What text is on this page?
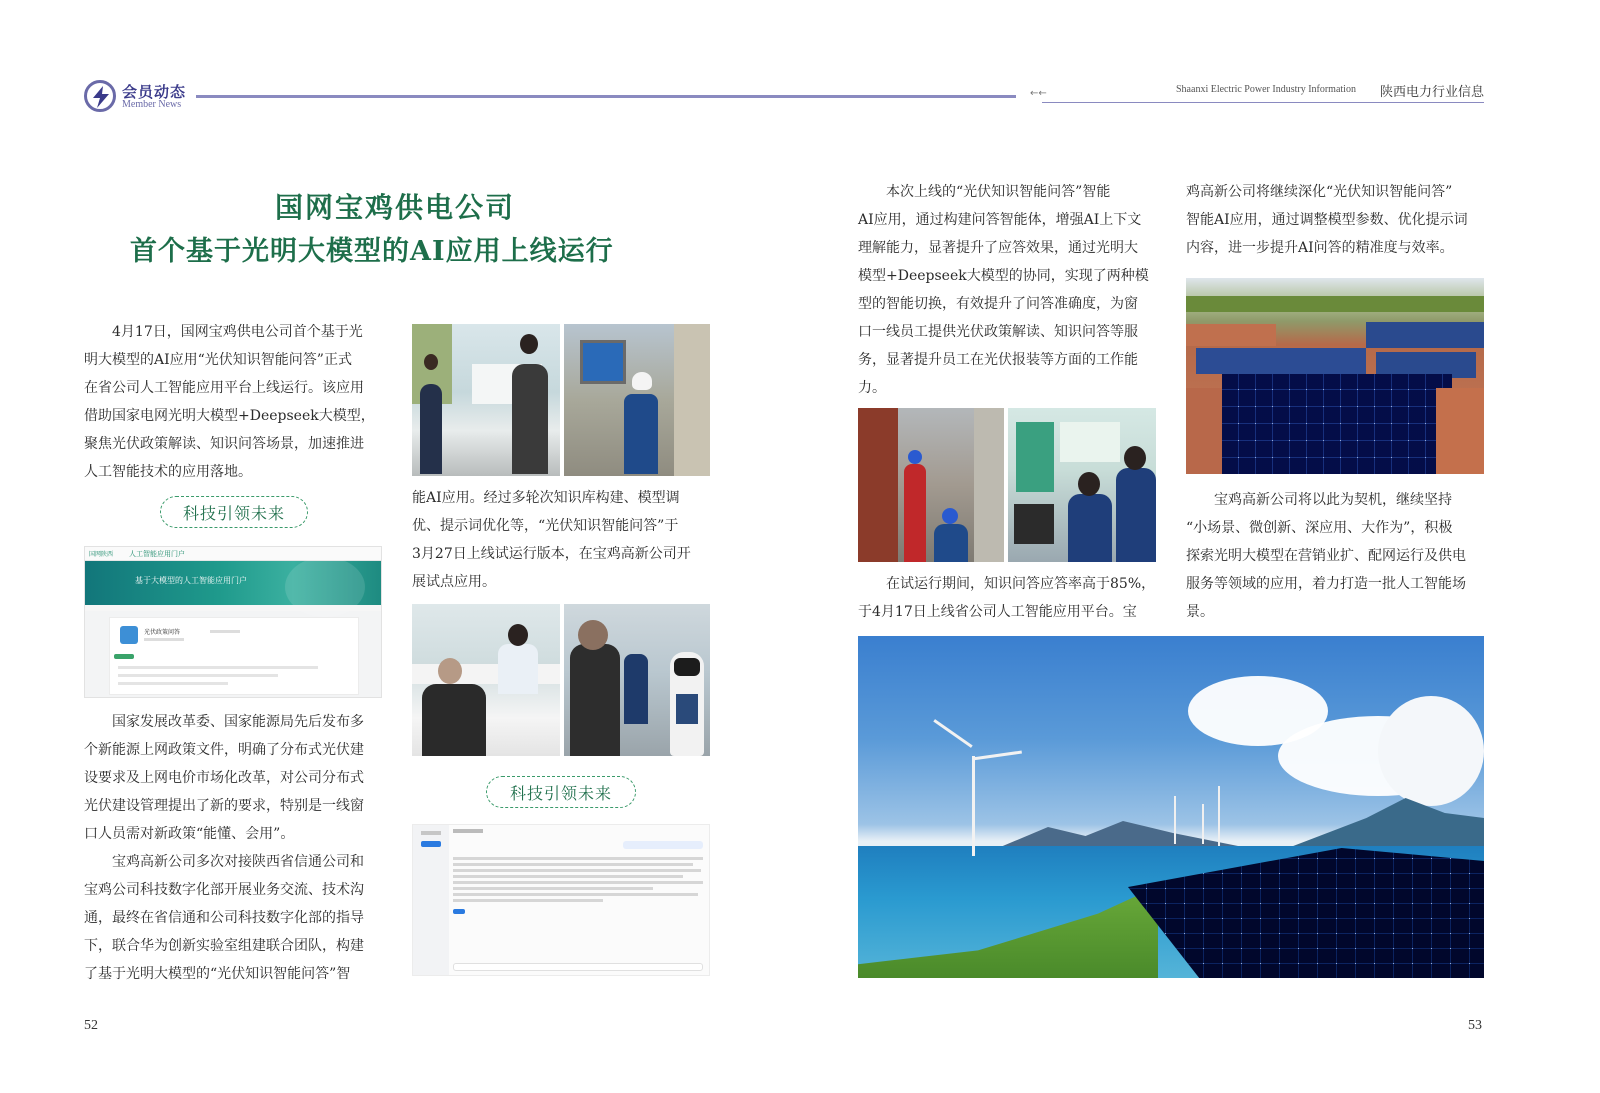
会员动态
Member News
←←	Shaanxi Electric Power Industry Information 陕西电力行业信息
国网宝鸡供电公司
首个基于光明大模型的AI应用上线运行
　　4月17日，国网宝鸡供电公司首个基于光
明大模型的AI应用“光伏知识智能问答”正式
在省公司人工智能应用平台上线运行。该应用
借助国家电网光明大模型+Deepseek大模型，
聚焦光伏政策解读、知识问答场景，加速推进
人工智能技术的应用落地。
科技引领未来
国网陕西 人工智能应用门户
基于大模型的人工智能应用门户
光伏政策问答
　　国家发展改革委、国家能源局先后发布多
个新能源上网政策文件，明确了分布式光伏建
设要求及上网电价市场化改革，对公司分布式
光伏建设管理提出了新的要求，特别是一线窗
口人员需对新政策“能懂、会用”。
　　宝鸡高新公司多次对接陕西省信通公司和
宝鸡公司科技数字化部开展业务交流、技术沟
通，最终在省信通和公司科技数字化部的指导
下，联合华为创新实验室组建联合团队，构建
了基于光明大模型的“光伏知识智能问答”智
能AI应用。经过多轮次知识库构建、模型调
优、提示词优化等，“光伏知识智能问答”于
3月27日上线试运行版本，在宝鸡高新公司开
展试点应用。
科技引领未来
　　本次上线的“光伏知识智能问答”智能
AI应用，通过构建问答智能体，增强AI上下文
理解能力，显著提升了应答效果，通过光明大
模型+Deepseek大模型的协同，实现了两种模
型的智能切换，有效提升了问答准确度，为窗
口一线员工提供光伏政策解读、知识问答等服
务，显著提升员工在光伏报装等方面的工作能
力。
　　在试运行期间，知识问答应答率高于85%，
于4月17日上线省公司人工智能应用平台。宝
鸡高新公司将继续深化“光伏知识智能问答”
智能AI应用，通过调整模型参数、优化提示词
内容，进一步提升AI问答的精准度与效率。
　　宝鸡高新公司将以此为契机，继续坚持
“小场景、微创新、深应用、大作为”，积极
探索光明大模型在营销业扩、配网运行及供电
服务等领域的应用，着力打造一批人工智能场
景。
52	53
